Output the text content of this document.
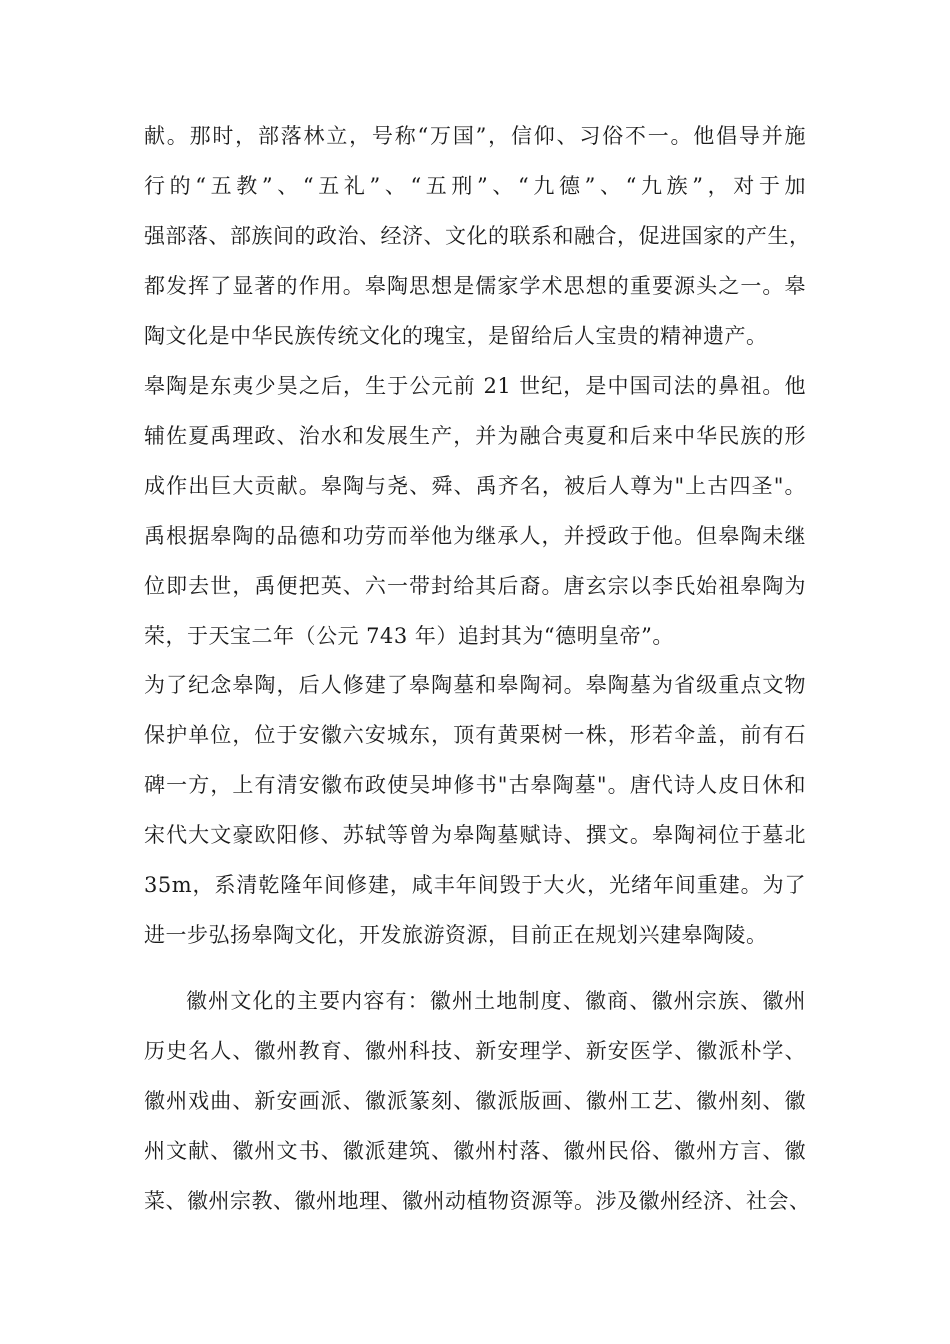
献。那时，部落林立，号称“万国”，信仰、习俗不一。他倡导并施
行的“五教”、“五礼”、“五刑”、“九德”、“九族”，对于加
强部落、部族间的政治、经济、文化的联系和融合，促进国家的产生，
都发挥了显著的作用。皋陶思想是儒家学术思想的重要源头之一。皋
陶文化是中华民族传统文化的瑰宝，是留给后人宝贵的精神遗产。
皋陶是东夷少昊之后，生于公元前 21 世纪，是中国司法的鼻祖。他
辅佐夏禹理政、治水和发展生产，并为融合夷夏和后来中华民族的形
成作出巨大贡献。皋陶与尧、舜、禹齐名，被后人尊为"上古四圣"。
禹根据皋陶的品德和功劳而举他为继承人，并授政于他。但皋陶未继
位即去世，禹便把英、六一带封给其后裔。唐玄宗以李氏始祖皋陶为
荣，于天宝二年（公元 743 年）追封其为“德明皇帝”。
为了纪念皋陶，后人修建了皋陶墓和皋陶祠。皋陶墓为省级重点文物
保护单位，位于安徽六安城东，顶有黄栗树一株，形若伞盖，前有石
碑一方，上有清安徽布政使吴坤修书"古皋陶墓"。唐代诗人皮日休和
宋代大文豪欧阳修、苏轼等曾为皋陶墓赋诗、撰文。皋陶祠位于墓北
35m，系清乾隆年间修建，咸丰年间毁于大火，光绪年间重建。为了
进一步弘扬皋陶文化，开发旅游资源，目前正在规划兴建皋陶陵。
徽州文化的主要内容有：徽州土地制度、徽商、徽州宗族、徽州
历史名人、徽州教育、徽州科技、新安理学、新安医学、徽派朴学、
徽州戏曲、新安画派、徽派篆刻、徽派版画、徽州工艺、徽州刻、徽
州文献、徽州文书、徽派建筑、徽州村落、徽州民俗、徽州方言、徽
菜、徽州宗教、徽州地理、徽州动植物资源等。涉及徽州经济、社会、
